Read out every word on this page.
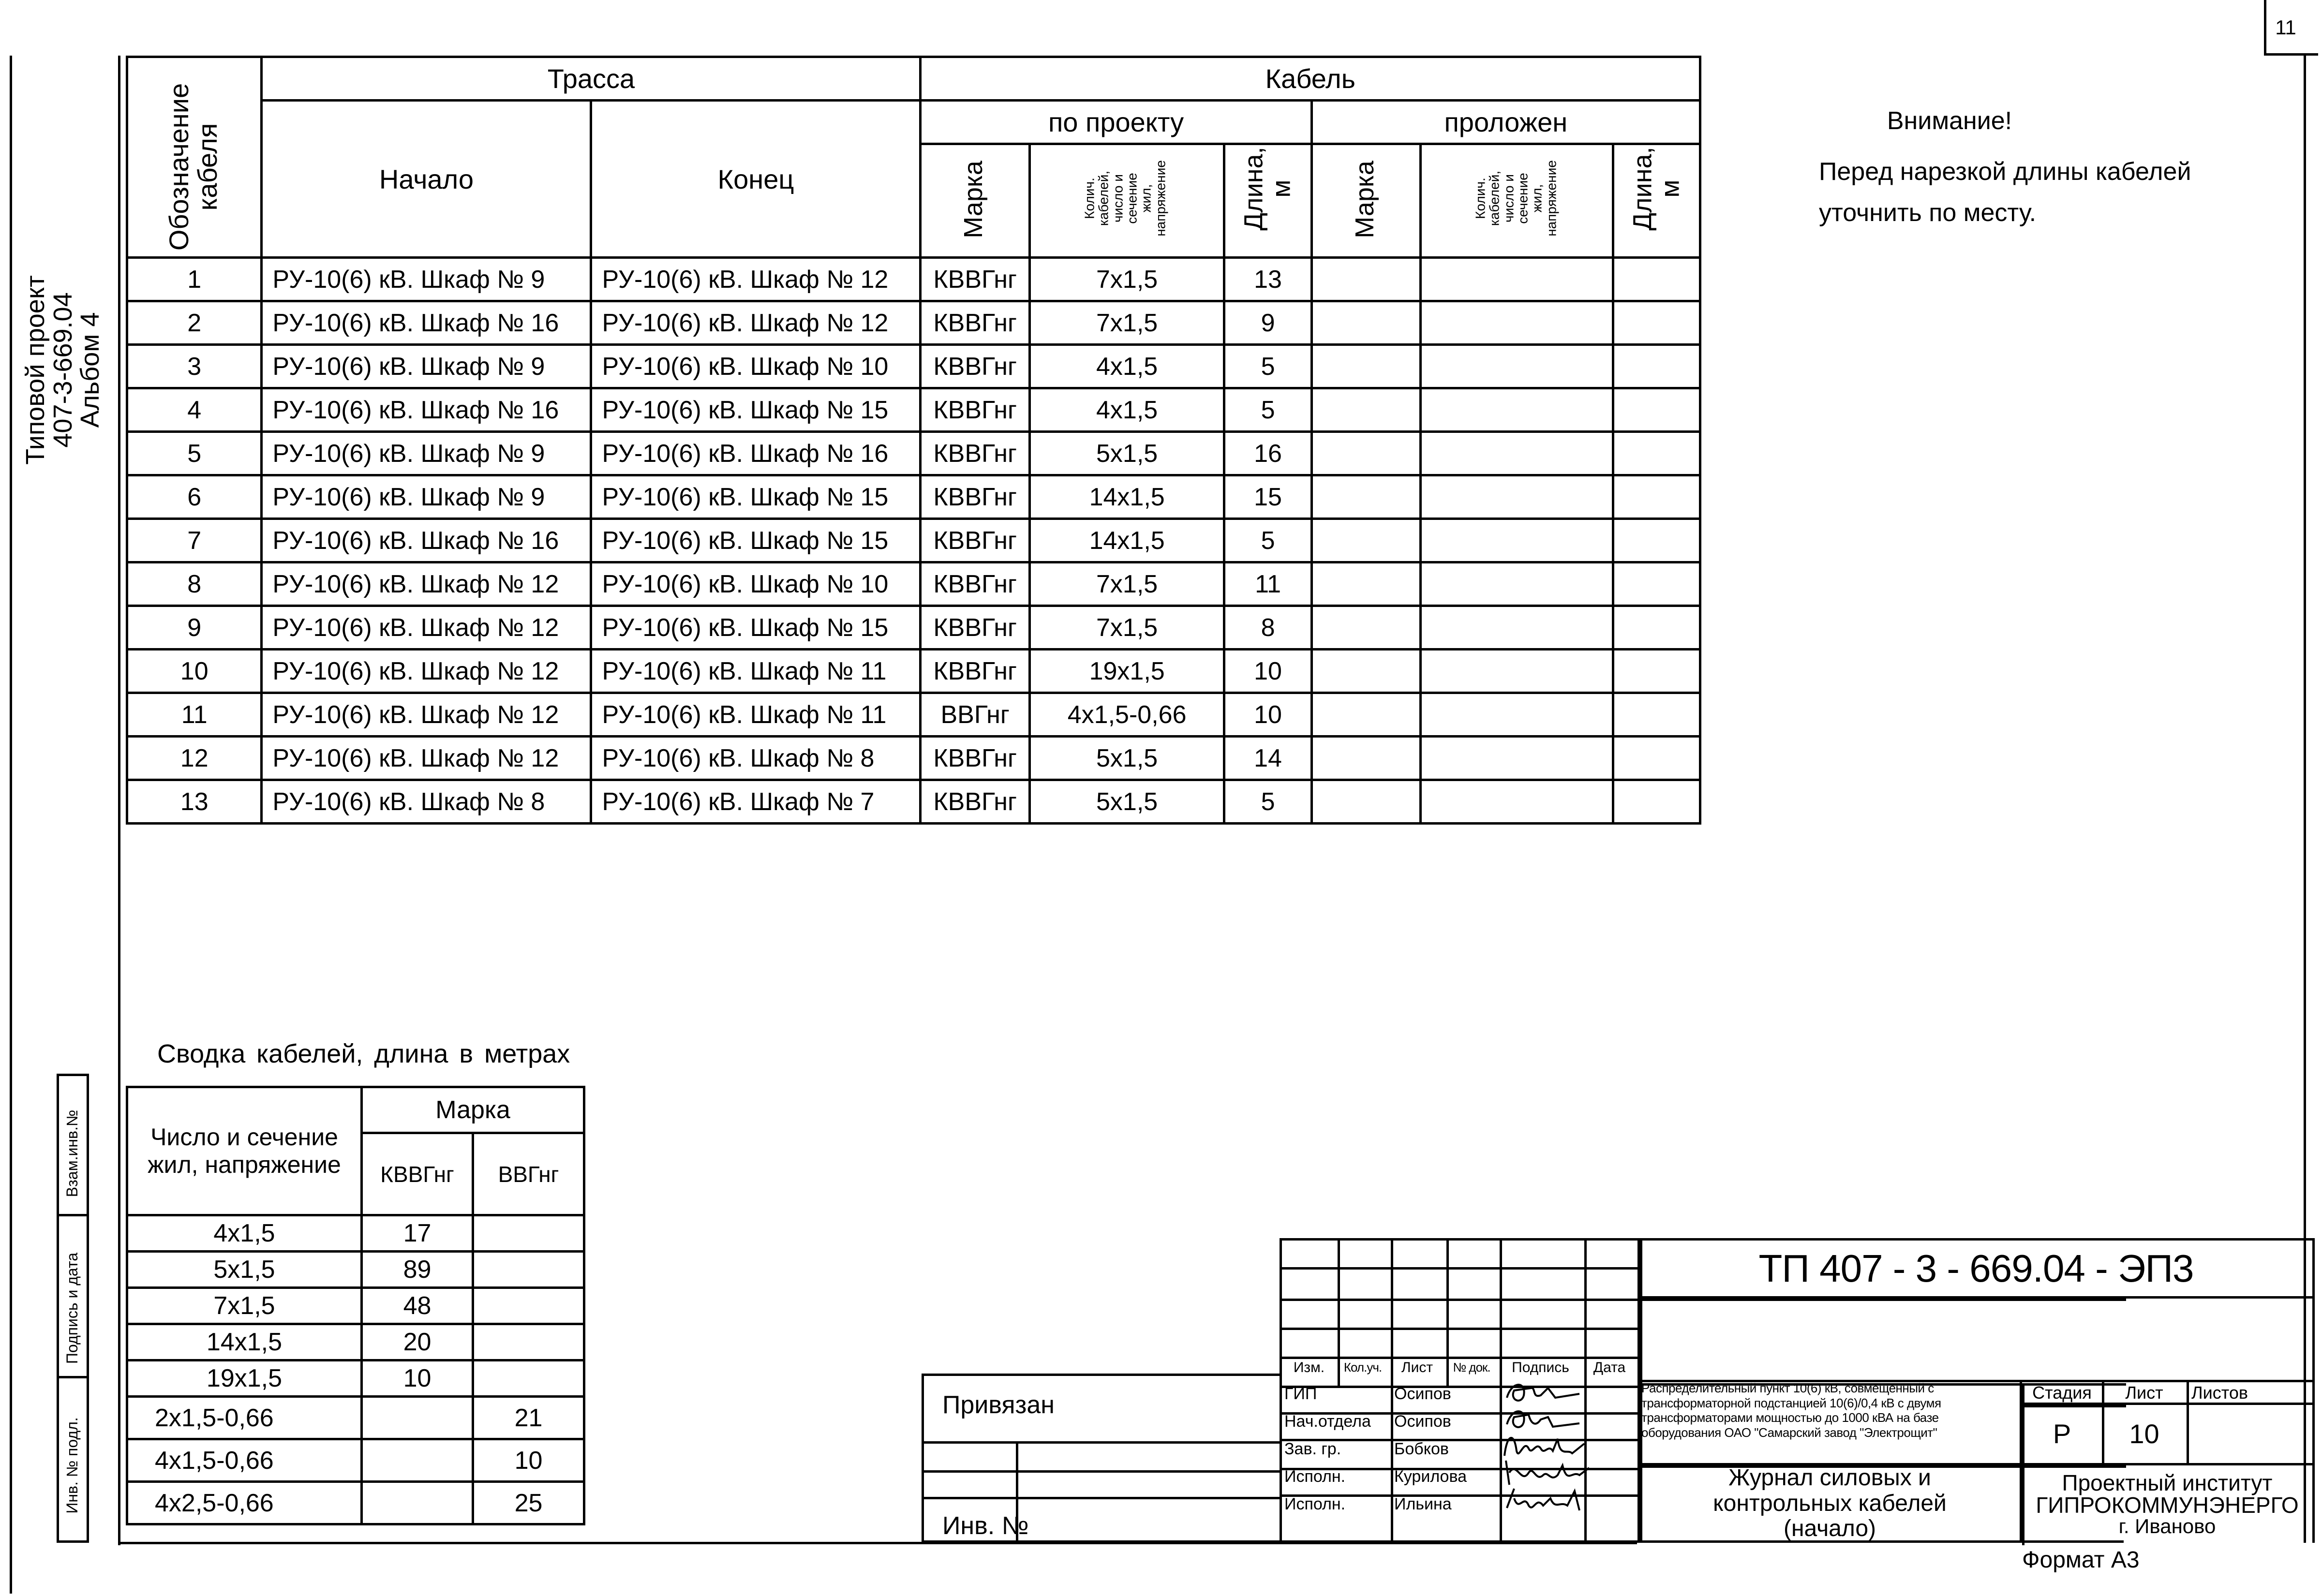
11
Типовой проект
407-3-669.04
Альбом 4
Взам.инв.№
Подпись и дата
Инв. № подл.
Обозначение кабеля	Трасса		Кабель					
	Начало	Конец	по проекту			проложен		

Марка	Колич. кабелей, число и сечение жил, напряжение	Длина, м	Марка	Колич. кабелей, число и сечение жил, напряжение	Длина, м

1	РУ-10(6) кВ. Шкаф № 9	РУ-10(6) кВ. Шкаф № 12	КВВГнг	7х1,5	13			
2	РУ-10(6) кВ. Шкаф № 16	РУ-10(6) кВ. Шкаф № 12	КВВГнг	7х1,5	9			
3	РУ-10(6) кВ. Шкаф № 9	РУ-10(6) кВ. Шкаф № 10	КВВГнг	4х1,5	5			
4	РУ-10(6) кВ. Шкаф № 16	РУ-10(6) кВ. Шкаф № 15	КВВГнг	4х1,5	5			
5	РУ-10(6) кВ. Шкаф № 9	РУ-10(6) кВ. Шкаф № 16	КВВГнг	5х1,5	16			
6	РУ-10(6) кВ. Шкаф № 9	РУ-10(6) кВ. Шкаф № 15	КВВГнг	14х1,5	15			
7	РУ-10(6) кВ. Шкаф № 16	РУ-10(6) кВ. Шкаф № 15	КВВГнг	14х1,5	5			
8	РУ-10(6) кВ. Шкаф № 12	РУ-10(6) кВ. Шкаф № 10	КВВГнг	7х1,5	11			
9	РУ-10(6) кВ. Шкаф № 12	РУ-10(6) кВ. Шкаф № 15	КВВГнг	7х1,5	8			
10	РУ-10(6) кВ. Шкаф № 12	РУ-10(6) кВ. Шкаф № 11	КВВГнг	19х1,5	10			
11	РУ-10(6) кВ. Шкаф № 12	РУ-10(6) кВ. Шкаф № 11	ВВГнг	4х1,5-0,66	10			
12	РУ-10(6) кВ. Шкаф № 12	РУ-10(6) кВ. Шкаф № 8	КВВГнг	5х1,5	14			
13	РУ-10(6) кВ. Шкаф № 8	РУ-10(6) кВ. Шкаф № 7	КВВГнг	5х1,5	5			
Внимание!
Перед нарезкой длины кабелей
уточнить по месту.
Сводка кабелей, длина в метрах
Число и сечение жил, напряжение	Марка	
	КВВГнг	ВВГнг
4х1,5	17	
5х1,5	89	
7х1,5	48	
14х1,5	20	
19х1,5	10	
2х1,5-0,66		21
4х1,5-0,66		10
4х2,5-0,66		25
Привязан
Инв. №
Изм.	Кол.уч.	Лист	№ док.	Подпись	Дата
ГИП	Осипов
Нач.отдела Осипов
Зав. гр.	Бобков
Исполн.	Курилова
Исполн.	Ильина
ТП 407 - 3 - 669.04 - ЭП3
Распределительный пункт 10(6) кВ, совмещенный с трансформаторной подстанцией 10(6)/0,4 кВ с двумя трансформаторами мощностью до 1000 кВА на базе оборудования ОАО "Самарский завод "Электрощит"
Журнал силовых и контрольных кабелей (начало)
Стадия	Лист	Листов
Р	10
Проектный институт
ГИПРОКОММУНЭНЕРГО
г. Иваново
Формат А3
